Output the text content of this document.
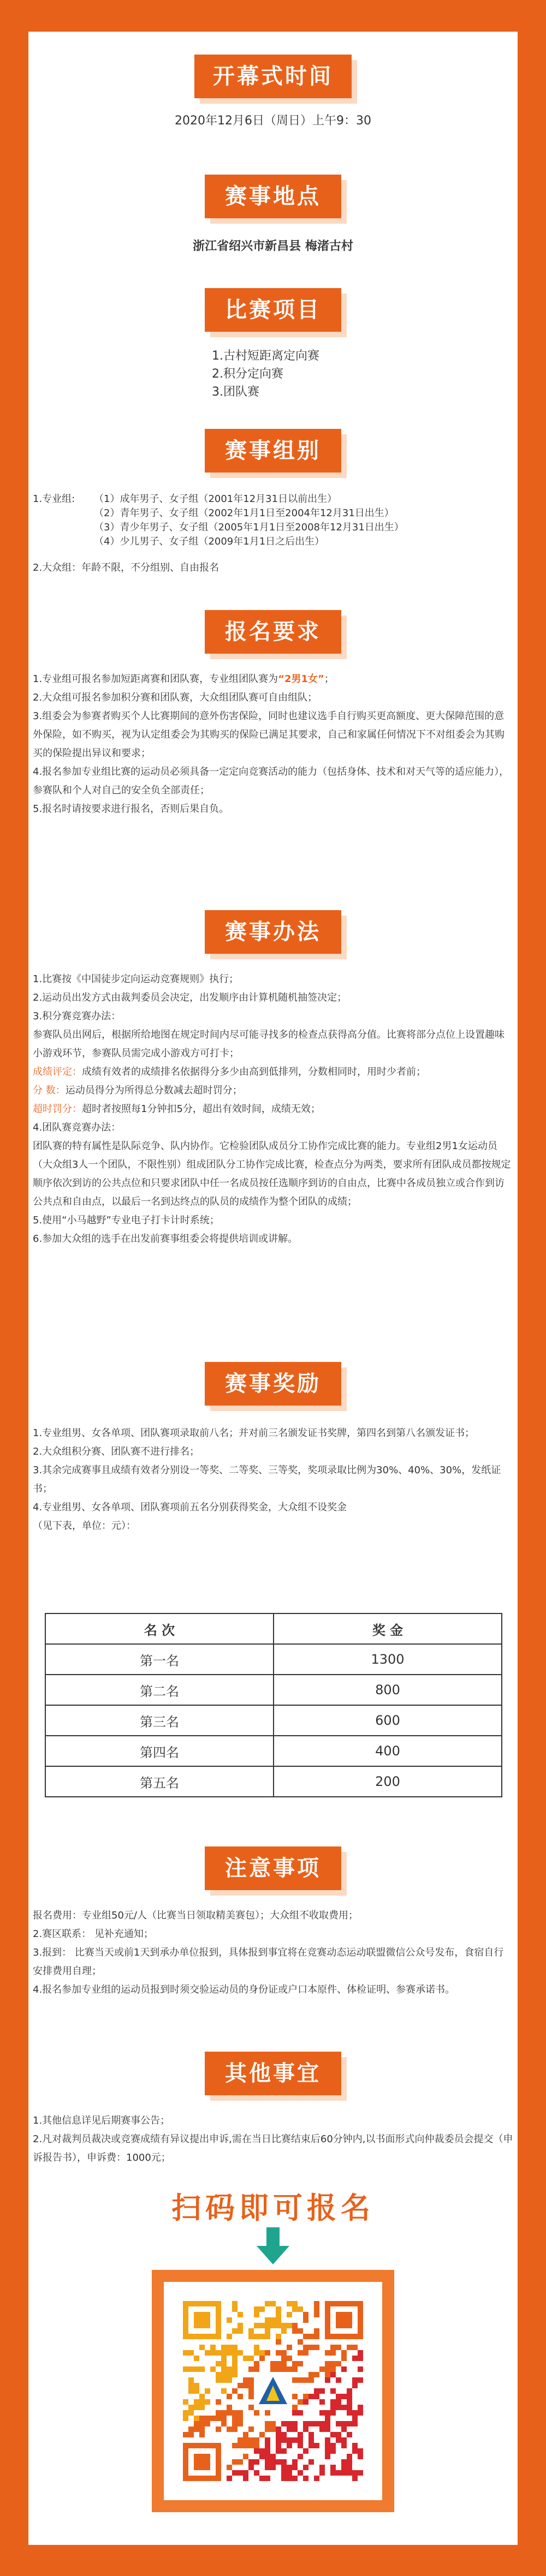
开幕式时间
2020年12月6日（周日）上午9：30
赛事地点
浙江省绍兴市新昌县 梅渚古村
比赛项目
1.古村短距离定向赛
2.积分定向赛
3.团队赛
赛事组别
1.专业组:	（1）成年男子、女子组（2001年12月31日以前出生）
（2）青年男子、女子组（2002年1月1日至2004年12月31日出生）
（3）青少年男子、女子组（2005年1月1日至2008年12月31日出生）
（4）少儿男子、女子组（2009年1月1日之后出生）
2.大众组：年龄不限，不分组别、自由报名
报名要求

1.专业组可报名参加短距离赛和团队赛，专业组团队赛为“2男1女”；

2.大众组可报名参加积分赛和团队赛，大众组团队赛可自由组队；

3.组委会为参赛者购买个人比赛期间的意外伤害保险，同时也建议选手自行购买更高额度、更大保障范围的意外保险，如不购买，视为认定组委会为其购买的保险已满足其要求，自己和家属任何情况下不对组委会为其购买的保险提出异议和要求；

4.报名参加专业组比赛的运动员必须具备一定定向竞赛活动的能力（包括身体、技术和对天气等的适应能力），参赛队和个人对自己的安全负全部责任；

5.报名时请按要求进行报名，否则后果自负。

赛事办法

1.比赛按《中国徒步定向运动竞赛规则》执行；

2.运动员出发方式由裁判委员会决定，出发顺序由计算机随机抽签决定；

3.积分赛竞赛办法：

参赛队员出网后，根据所给地图在规定时间内尽可能寻找多的检查点获得高分值。比赛将部分点位上设置趣味小游戏环节，参赛队员需完成小游戏方可打卡；

成绩评定：成绩有效者的成绩排名依据得分多少由高到低排列，分数相同时，用时少者前；

分 数：运动员得分为所得总分数减去超时罚分；

超时罚分：超时者按照每1分钟扣5分，超出有效时间，成绩无效；

4.团队赛竞赛办法：

团队赛的特有属性是队际竞争、队内协作。它检验团队成员分工协作完成比赛的能力。专业组2男1女运动员（大众组3人一个团队，不限性别）组成团队分工协作完成比赛，检查点分为两类，要求所有团队成员都按规定顺序依次到访的公共点位和只要求团队中任一名成员按任选顺序到访的自由点，比赛中各成员独立或合作到访公共点和自由点，以最后一名到达终点的队员的成绩作为整个团队的成绩；

5.使用“小马越野”专业电子打卡计时系统；

6.参加大众组的选手在出发前赛事组委会将提供培训或讲解。

赛事奖励

1.专业组男、女各单项、团队赛项录取前八名；并对前三名颁发证书奖牌，第四名到第八名颁发证书；

2.大众组积分赛、团队赛不进行排名；

3.其余完成赛事且成绩有效者分别设一等奖、二等奖、三等奖，奖项录取比例为30%、40%、30%，发纸证书；

4.专业组男、女各单项、团队赛项前五名分别获得奖金，大众组不设奖金

（见下表，单位：元）：

名 次	奖 金
第一名	1300
第二名	800
第三名	600
第四名	400
第五名	200
注意事项

报名费用：专业组50元/人（比赛当日领取精美赛包）；大众组不收取费用；

2.赛区联系： 见补充通知；

3.报到： 比赛当天或前1天到承办单位报到，具体报到事宜将在竞赛动态运动联盟微信公众号发布，食宿自行安排费用自理；

4.报名参加专业组的运动员报到时须交验运动员的身份证或户口本原件、体检证明、参赛承诺书。

其他事宜

1.其他信息详见后期赛事公告；

2.凡对裁判员裁决或竞赛成绩有异议提出申诉,需在当日比赛结束后60分钟内,以书面形式向仲裁委员会提交（申诉报告书），申诉费：1000元；

扫码即可报名
